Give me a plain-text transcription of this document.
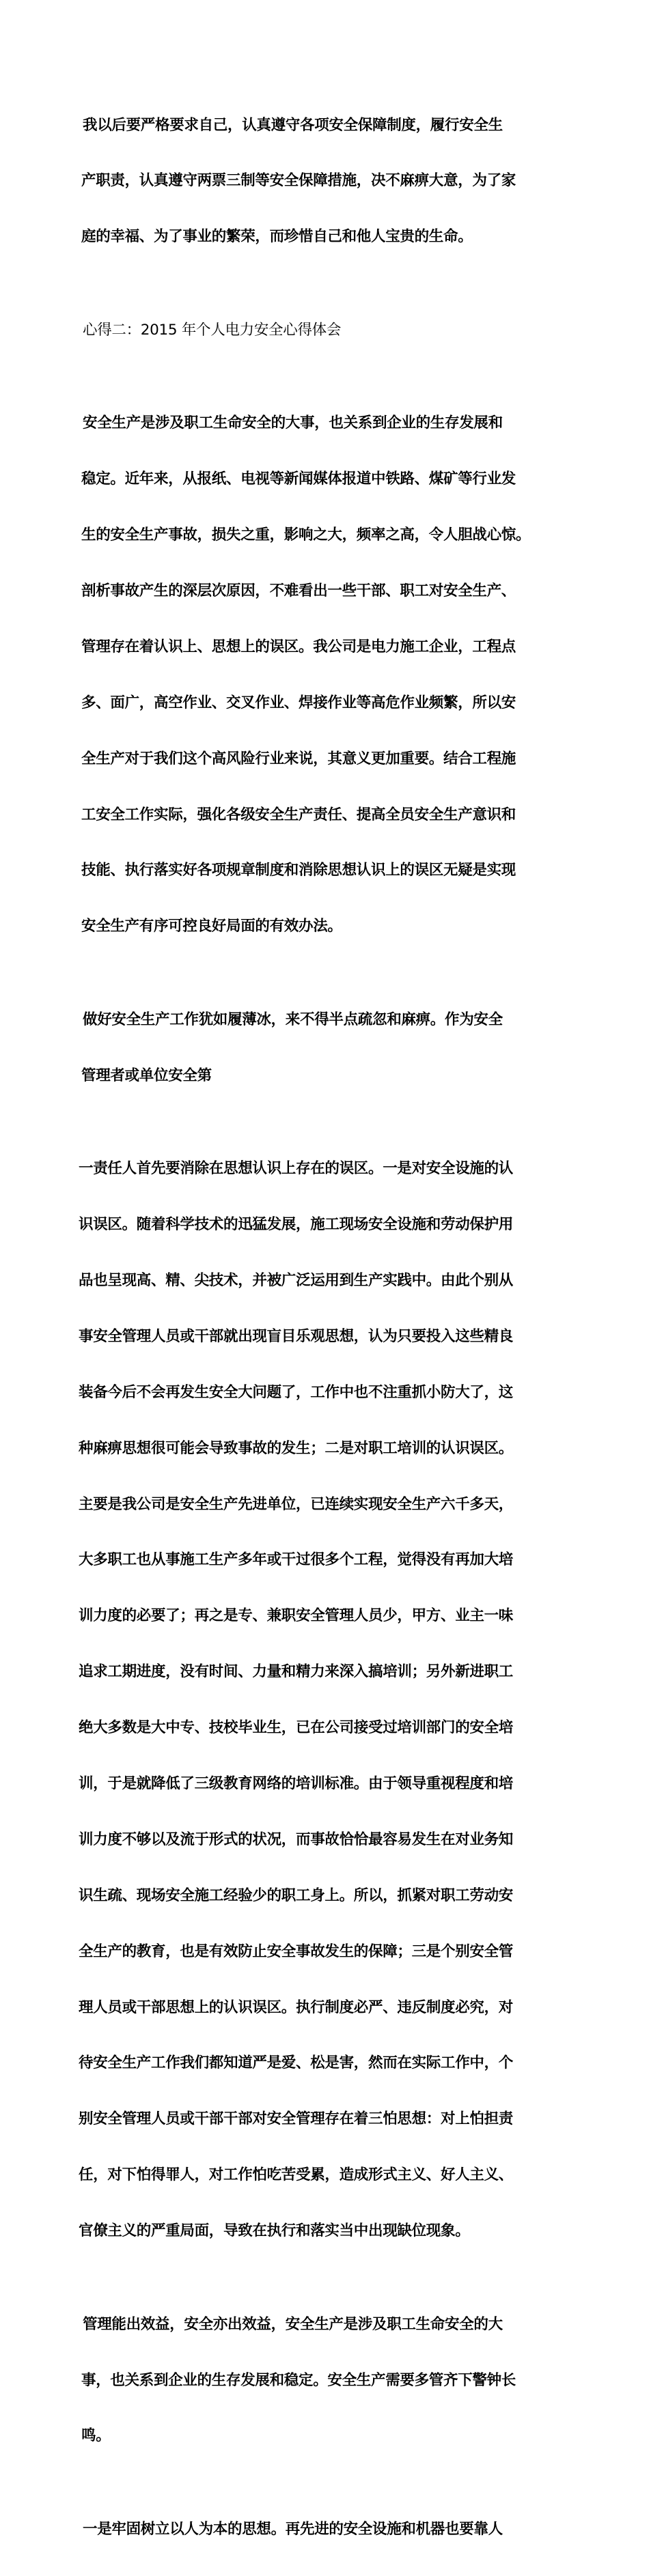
我以后要严格要求自己，认真遵守各项安全保障制度，履行安全生

产职责，认真遵守两票三制等安全保障措施，决不麻痹大意，为了家

庭的幸福、为了事业的繁荣，而珍惜自己和他人宝贵的生命。

心得二：2015 年个人电力安全心得体会

安全生产是涉及职工生命安全的大事，也关系到企业的生存发展和

稳定。近年来，从报纸、电视等新闻媒体报道中铁路、煤矿等行业发

生的安全生产事故，损失之重，影响之大，频率之高，令人胆战心惊。

剖析事故产生的深层次原因，不难看出一些干部、职工对安全生产、

管理存在着认识上、思想上的误区。我公司是电力施工企业，工程点

多、面广，高空作业、交叉作业、焊接作业等高危作业频繁，所以安

全生产对于我们这个高风险行业来说，其意义更加重要。结合工程施

工安全工作实际，强化各级安全生产责任、提高全员安全生产意识和

技能、执行落实好各项规章制度和消除思想认识上的误区无疑是实现

安全生产有序可控良好局面的有效办法。

做好安全生产工作犹如履薄冰，来不得半点疏忽和麻痹。作为安全

管理者或单位安全第

一责任人首先要消除在思想认识上存在的误区。一是对安全设施的认

识误区。随着科学技术的迅猛发展，施工现场安全设施和劳动保护用

品也呈现高、精、尖技术，并被广泛运用到生产实践中。由此个别从

事安全管理人员或干部就出现盲目乐观思想，认为只要投入这些精良

装备今后不会再发生安全大问题了，工作中也不注重抓小防大了，这

种麻痹思想很可能会导致事故的发生；二是对职工培训的认识误区。

主要是我公司是安全生产先进单位，已连续实现安全生产六千多天，

大多职工也从事施工生产多年或干过很多个工程，觉得没有再加大培

训力度的必要了；再之是专、兼职安全管理人员少，甲方、业主一味

追求工期进度，没有时间、力量和精力来深入搞培训；另外新进职工

绝大多数是大中专、技校毕业生，已在公司接受过培训部门的安全培

训，于是就降低了三级教育网络的培训标准。由于领导重视程度和培

训力度不够以及流于形式的状况，而事故恰恰最容易发生在对业务知

识生疏、现场安全施工经验少的职工身上。所以，抓紧对职工劳动安

全生产的教育，也是有效防止安全事故发生的保障；三是个别安全管

理人员或干部思想上的认识误区。执行制度必严、违反制度必究，对

待安全生产工作我们都知道严是爱、松是害，然而在实际工作中，个

别安全管理人员或干部干部对安全管理存在着三怕思想：对上怕担责

任，对下怕得罪人，对工作怕吃苦受累，造成形式主义、好人主义、

官僚主义的严重局面，导致在执行和落实当中出现缺位现象。

管理能出效益，安全亦出效益，安全生产是涉及职工生命安全的大

事，也关系到企业的生存发展和稳定。安全生产需要多管齐下警钟长

鸣。

一是牢固树立以人为本的思想。再先进的安全设施和机器也要靠人
